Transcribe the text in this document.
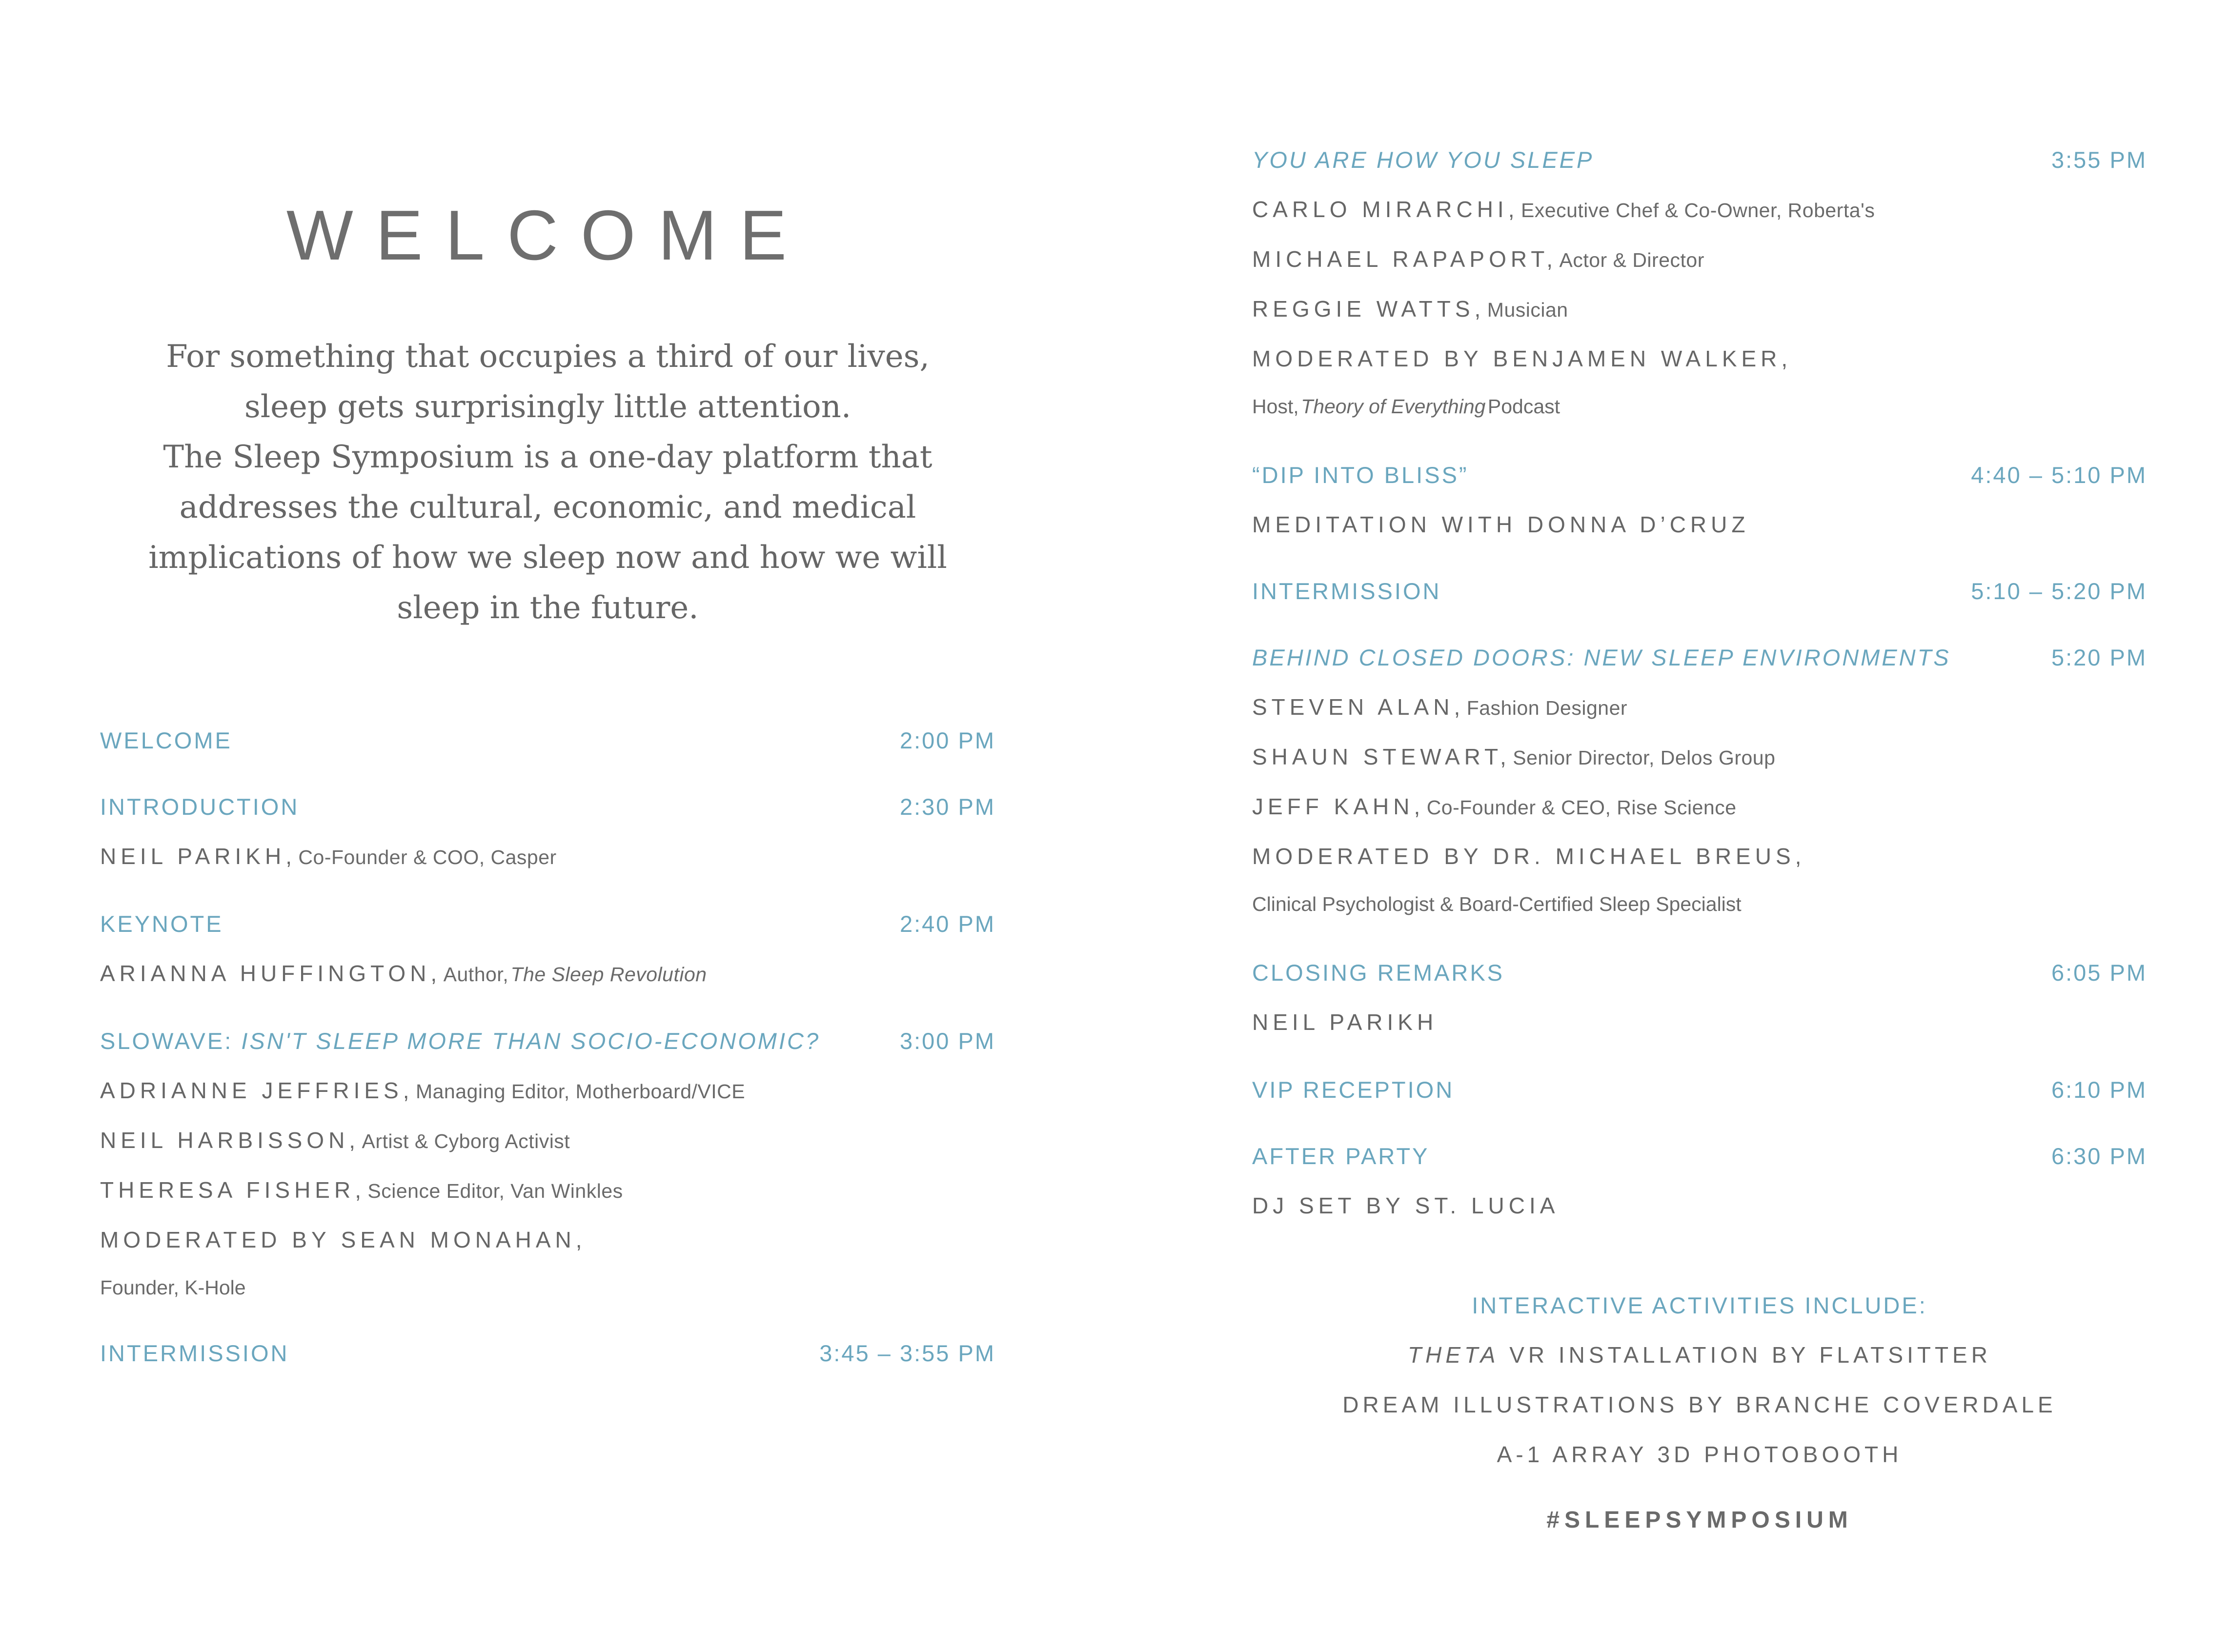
WELCOME
For something that occupies a third of our lives,
sleep gets surprisingly little attention.
The Sleep Symposium is a one-day platform that
addresses the cultural, economic, and medical
implications of how we sleep now and how we will
sleep in the future.
WELCOME	2:00 PM
INTRODUCTION	2:30 PM
NEIL PARIKH, Co-Founder & COO, Casper
KEYNOTE	2:40 PM
ARIANNA HUFFINGTON, Author, The Sleep Revolution
SLOWAVE: ISN'T SLEEP MORE THAN SOCIO-ECONOMIC?	3:00 PM
ADRIANNE JEFFRIES, Managing Editor, Motherboard/VICE
NEIL HARBISSON, Artist & Cyborg Activist
THERESA FISHER, Science Editor, Van Winkles
MODERATED BY SEAN MONAHAN,
Founder, K-Hole
INTERMISSION	3:45 – 3:55 PM
YOU ARE HOW YOU SLEEP	3:55 PM
CARLO MIRARCHI, Executive Chef & Co-Owner, Roberta's
MICHAEL RAPAPORT, Actor & Director
REGGIE WATTS, Musician
MODERATED BY BENJAMEN WALKER,
Host, Theory of Everything Podcast
“DIP INTO BLISS”	4:40 – 5:10 PM
MEDITATION WITH DONNA D’CRUZ
INTERMISSION	5:10 – 5:20 PM
BEHIND CLOSED DOORS: NEW SLEEP ENVIRONMENTS	5:20 PM
STEVEN ALAN, Fashion Designer
SHAUN STEWART, Senior Director, Delos Group
JEFF KAHN, Co-Founder & CEO, Rise Science
MODERATED BY DR. MICHAEL BREUS,
Clinical Psychologist & Board-Certified Sleep Specialist
CLOSING REMARKS	6:05 PM
NEIL PARIKH
VIP RECEPTION	6:10 PM
AFTER PARTY	6:30 PM
DJ SET BY ST. LUCIA
INTERACTIVE ACTIVITIES INCLUDE:
THETA VR INSTALLATION BY FLATSITTER
DREAM ILLUSTRATIONS BY BRANCHE COVERDALE
A-1 ARRAY 3D PHOTOBOOTH
#SLEEPSYMPOSIUM
